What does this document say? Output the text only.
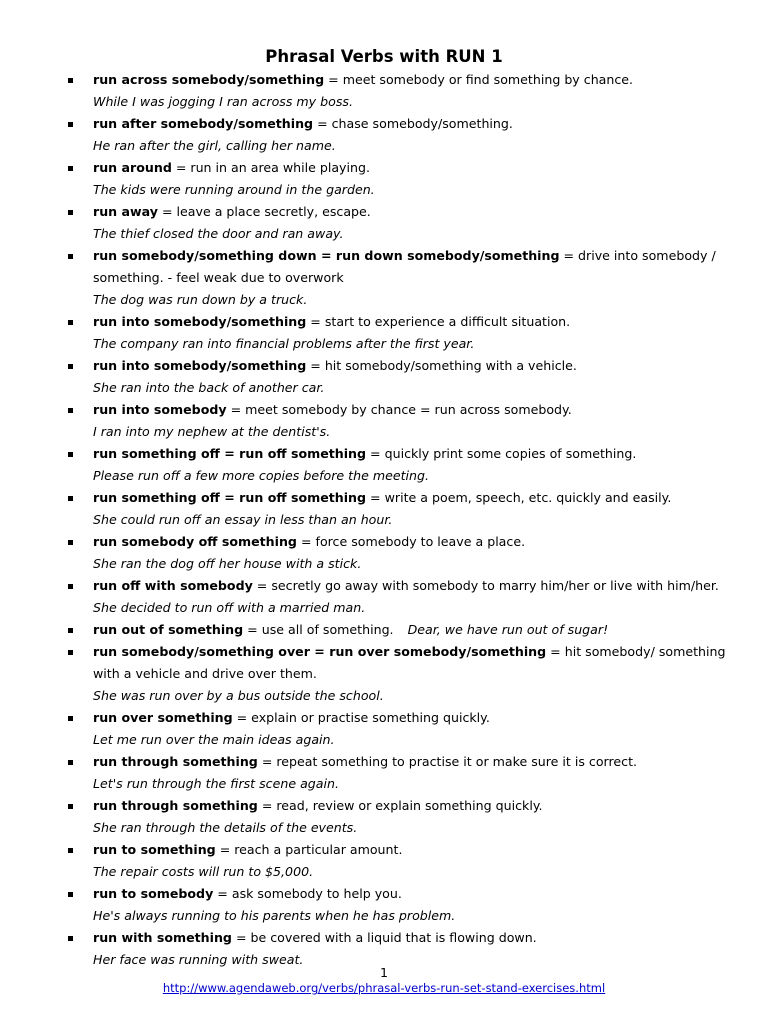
Phrasal Verbs with RUN 1
run across somebody/something = meet somebody or find something by chance.
While I was jogging I ran across my boss.
run after somebody/something = chase somebody/something.
He ran after the girl, calling her name.
run around = run in an area while playing.
The kids were running around in the garden.
run away = leave a place secretly, escape.
The thief closed the door and ran away.
run somebody/something down = run down somebody/something = drive into somebody /
something. - feel weak due to overwork
The dog was run down by a truck.
run into somebody/something = start to experience a difficult situation.
The company ran into financial problems after the first year.
run into somebody/something = hit somebody/something with a vehicle.
She ran into the back of another car.
run into somebody = meet somebody by chance = run across somebody.
I ran into my nephew at the dentist's.
run something off = run off something = quickly print some copies of something.
Please run off a few more copies before the meeting.
run something off = run off something = write a poem, speech, etc. quickly and easily.
She could run off an essay in less than an hour.
run somebody off something = force somebody to leave a place.
She ran the dog off her house with a stick.
run off with somebody = secretly go away with somebody to marry him/her or live with him/her.
She decided to run off with a married man.
run out of something = use all of something. Dear, we have run out of sugar!
run somebody/something over = run over somebody/something = hit somebody/ something
with a vehicle and drive over them.
She was run over by a bus outside the school.
run over something = explain or practise something quickly.
Let me run over the main ideas again.
run through something = repeat something to practise it or make sure it is correct.
Let's run through the first scene again.
run through something = read, review or explain something quickly.
She ran through the details of the events.
run to something = reach a particular amount.
The repair costs will run to $5,000.
run to somebody = ask somebody to help you.
He's always running to his parents when he has problem.
run with something = be covered with a liquid that is flowing down.
Her face was running with sweat.
1
http://www.agendaweb.org/verbs/phrasal-verbs-run-set-stand-exercises.html
